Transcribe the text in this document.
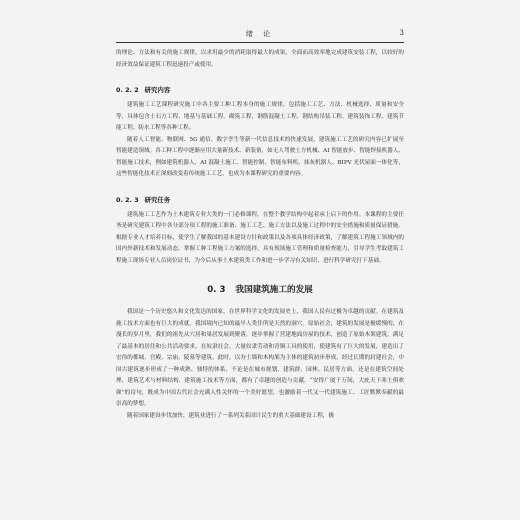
绪 论	3

的理论、方法和有关的施工规律，以求用最少的消耗取得最大的成果，全面而高效率地完成建筑安装工程，以较好的经济效益保证建筑工程迅速投产或使用。

0. 2. 2 研究内容

建筑施工工艺课程研究施工中各主要工种工程本身的施工规律，包括施工工艺、方法、机械选择、质量和安全等，具体包含土石方工程、地基与基础工程、砌筑工程、钢筋混凝土工程、钢结构吊装工程、建筑装饰工程、建筑节能工程、防水工程等各种工程。

随着人工智能、物联网、5G 通信、数字孪生等新一代信息技术的快速发展，建筑施工工艺的研究内容已扩展至智能建造领域。各工种工程中逐渐应用大量新技术、新装备，如无人驾驶土方机械、AI 智能放步、智能焊接机器人、智能施工技术，例如建筑机器人、AI 混凝土施工、智能控制、智能布料机、抹灰机器人、BIPV 光伏屋面一体化等，这些智能化技术正深刻改变着传统施工工艺，也成为本课程研究的重要内容。

0. 2. 3 研究任务

建筑施工工艺作为土木建筑专业大类的一门必修课程，在整个教学结构中起着承上启下的作用。本课程的主要任务是研究建筑工程中各分部分项工程的施工准备、施工工艺、施工方法以及施工过程中的安全措施和质量保证措施。根据专业人才培养目标，使学生了解我国的基本建设方针和政策以及各项具体经济政策，了解建筑工程施工领域内的国内外新技术和发展动态，掌握工种工程施工方案的选择，具有现场施工管理和质量检查能力，引导学生考取建筑工程施工现场专业人员岗位证书，为今后从事土木建筑类工作和进一步学习有关知识，进行科学研究打下基础。

0. 3 我国建筑施工的发展

我国是一个历史悠久和文化发达的国家，在世界科学文化的发展史上，我国人民有过极为卓越的贡献。在建筑及施工技术方面也有巨大的成就。我国境内已知的最早人类住所是天然的洞穴。原始社会，建筑的发展是极缓慢的，在漫长的岁月里，我们的祖先从穴居和巢居发展到聚落，逐步掌握了营建地面房屋的技术，创造了原始木架建筑，满足了最基本的居住和公共活动要求。在奴隶社会，大量奴隶劳动和青铜工具的使用，使建筑有了巨大的发展，建造出了宏伟的都城、宫殿、宗庙、陵墓等建筑。此时，以夯土墙和木构架为主体的建筑初步形成。经过长期的封建社会，中国古建筑逐步形成了一种成熟、独特的体系，不论是在城市规划、建筑群、园林、民居等方面，还是在建筑空间处理、建筑艺术与材料结构、建筑施工技术等方面，都有了卓越的创造与贡献。“安得广厦千万间，大庇天下寒士俱欢颜”的诗句，既成为中国古代社会充满人性关怀的一个美好愿望，也激励着一代又一代建筑施工、工匠默默奉献的最崇高的梦想。

随着国家建设步伐加快，建筑业进行了一系列关系国计民生的重大基础建设工程，极
